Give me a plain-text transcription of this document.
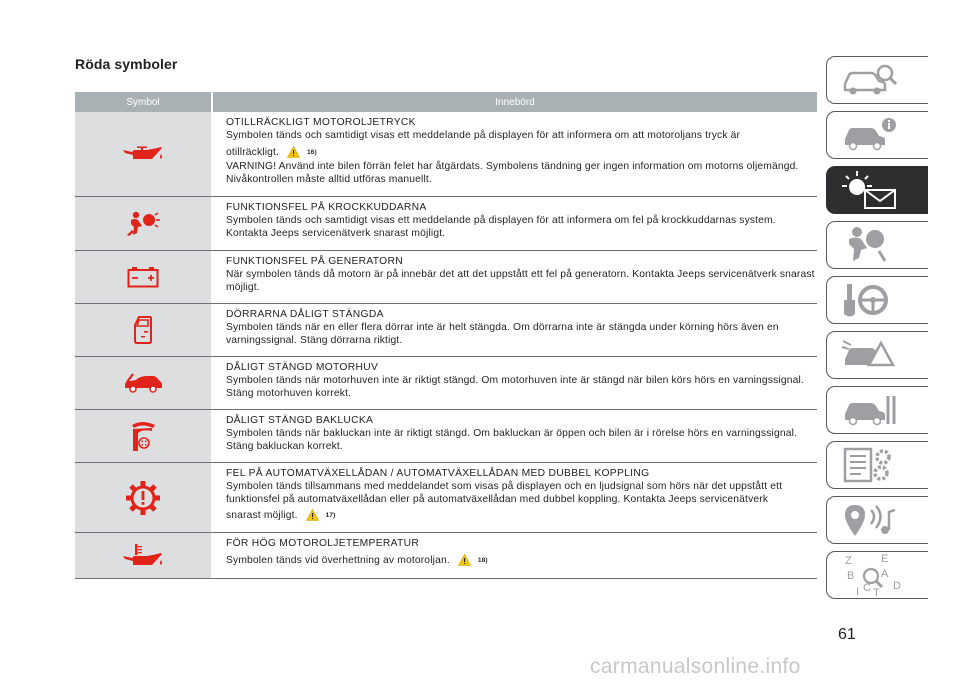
Röda symboler
Symbol	Innebörd

OTILLRÄCKLIGT MOTOROLJETRYCK

Symbolen tänds och samtidigt visas ett meddelande på displayen för att informera om att motoroljans tryck är

otillräckligt.	16)

VARNING! Använd inte bilen förrän felet har åtgärdats. Symbolens tändning ger ingen information om motorns oljemängd. Nivåkontrollen måste alltid utföras manuellt.

FUNKTIONSFEL PÅ KROCKKUDDARNA

Symbolen tänds och samtidigt visas ett meddelande på displayen för att informera om fel på krockkuddarnas system. Kontakta Jeeps servicenätverk snarast möjligt.

FUNKTIONSFEL PÅ GENERATORN

När symbolen tänds då motorn är på innebär det att det uppstått ett fel på generatorn. Kontakta Jeeps servicenätverk snarast möjligt.

DÖRRARNA DÅLIGT STÄNGDA

Symbolen tänds när en eller flera dörrar inte är helt stängda. Om dörrarna inte är stängda under körning hörs även en varningssignal. Stäng dörrarna riktigt.

DÅLIGT STÄNGD MOTORHUV

Symbolen tänds när motorhuven inte är riktigt stängd. Om motorhuven inte är stängd när bilen körs hörs en varningssignal. Stäng motorhuven korrekt.

DÅLIGT STÄNGD BAKLUCKA

Symbolen tänds när bakluckan inte är riktigt stängd. Om bakluckan är öppen och bilen är i rörelse hörs en varningssignal. Stäng bakluckan korrekt.

FEL PÅ AUTOMATVÄXELLÅDAN / AUTOMATVÄXELLÅDAN MED DUBBEL KOPPLING

Symbolen tänds tillsammans med meddelandet som visas på displayen och en ljudsignal som hörs när det uppstått ett funktionsfel på automatväxellådan eller på automatväxellådan med dubbel koppling. Kontakta Jeeps servicenätverk

snarast möjligt.	17)

FÖR HÖG MOTOROLJETEMPERATUR

Symbolen tänds vid överhettning av motoroljan.	18)	Z	E
B A
C D
I T
61
carmanualsonline.info
